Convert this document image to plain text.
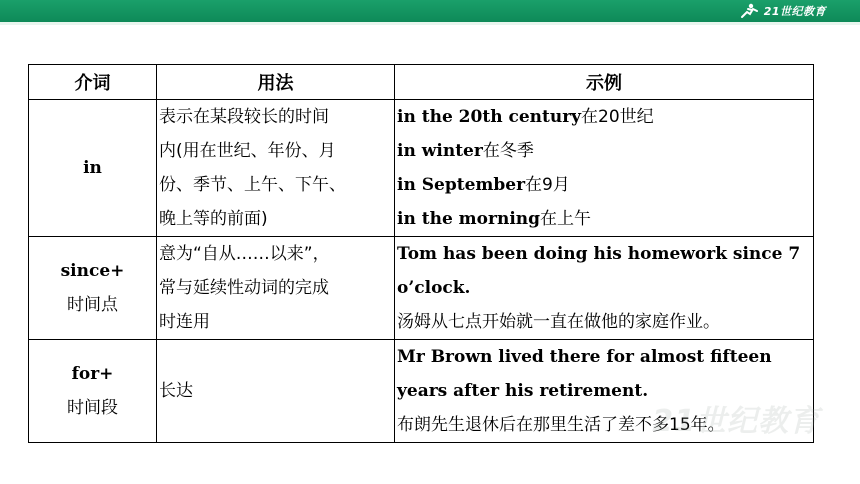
21世纪教育
介词	用法	示例

in	表示在某段较长的时间
内(用在世纪、年份、月
份、季节、上午、下午、
晚上等的前面)	in the 20th century在20世纪
in winter在冬季
in September在9月
in the morning在上午

since+
时间点	意为“自从……以来”，
常与延续性动词的完成
时连用	Tom has been doing his homework since 7
o’clock.
汤姆从七点开始就一直在做他的家庭作业。

for+
时间段	长达	Mr Brown lived there for almost fifteen
years after his retirement.
布朗先生退休后在那里生活了差不多15年。
21世纪教育
